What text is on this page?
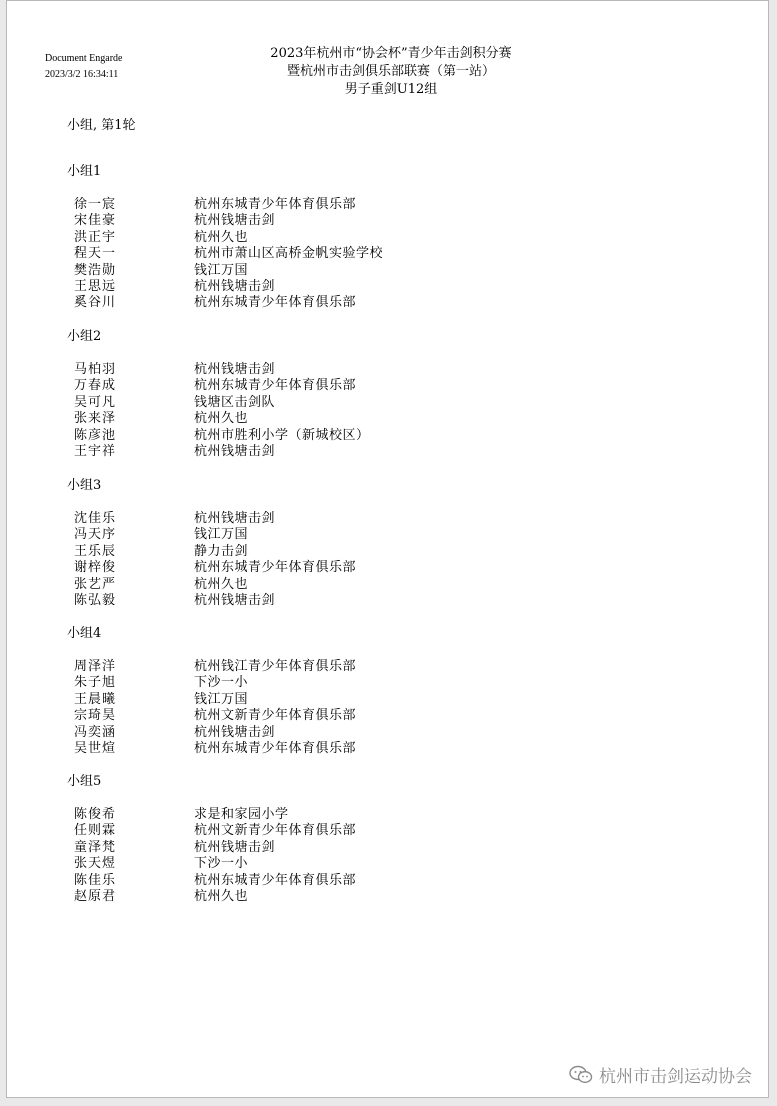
Document Engarde
2023/3/2 16:34:11
2023年杭州市“协会杯”青少年击剑积分赛
暨杭州市击剑俱乐部联赛（第一站）
男子重剑U12组
小组, 第1轮
小组1
徐一宸	杭州东城青少年体育俱乐部
宋佳豪	杭州钱塘击剑
洪正宇	杭州久也
程天一	杭州市萧山区高桥金帆实验学校
樊浩勋	钱江万国
王思远	杭州钱塘击剑
奚谷川	杭州东城青少年体育俱乐部
小组2
马柏羽	杭州钱塘击剑
万春成	杭州东城青少年体育俱乐部
吴可凡	钱塘区击剑队
张来泽	杭州久也
陈彦池	杭州市胜利小学（新城校区）
王宇祥	杭州钱塘击剑
小组3
沈佳乐	杭州钱塘击剑
冯天序	钱江万国
王乐辰	静力击剑
谢梓俊	杭州东城青少年体育俱乐部
张艺严	杭州久也
陈弘毅	杭州钱塘击剑
小组4
周泽洋	杭州钱江青少年体育俱乐部
朱子旭	下沙一小
王晨曦	钱江万国
宗琦昊	杭州文新青少年体育俱乐部
冯奕涵	杭州钱塘击剑
吴世煊	杭州东城青少年体育俱乐部
小组5
陈俊希	求是和家园小学
任则霖	杭州文新青少年体育俱乐部
童泽梵	杭州钱塘击剑
张天煜	下沙一小
陈佳乐	杭州东城青少年体育俱乐部
赵原君	杭州久也
杭州市击剑运动协会
